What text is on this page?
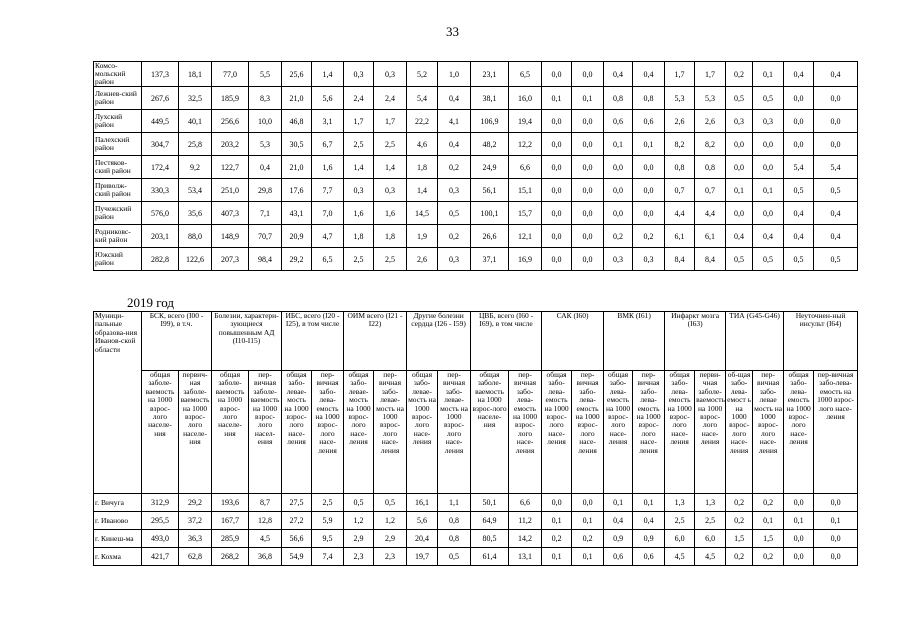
33
Комсо-мольский район	137,3	18,1	77,0	5,5	25,6	1,4	0,3	0,3	5,2	1,0	23,1	6,5	0,0	0,0	0,4	0,4	1,7	1,7	0,2	0,1	0,4	0,4
Лежнев-ский район	267,6	32,5	185,9	8,3	21,0	5,6	2,4	2,4	5,4	0,4	38,1	16,0	0,1	0,1	0,8	0,8	5,3	5,3	0,5	0,5	0,0	0,0
Лухский район	449,5	40,1	256,6	10,0	46,8	3,1	1,7	1,7	22,2	4,1	106,9	19,4	0,0	0,0	0,6	0,6	2,6	2,6	0,3	0,3	0,0	0,0
Палехский район	304,7	25,8	203,2	5,3	30,5	6,7	2,5	2,5	4,6	0,4	48,2	12,2	0,0	0,0	0,1	0,1	8,2	8,2	0,0	0,0	0,0	0,0
Пестяков-ский район	172,4	9,2	122,7	0,4	21,0	1,6	1,4	1,4	1,8	0,2	24,9	6,6	0,0	0,0	0,0	0,0	0,8	0,8	0,0	0,0	5,4	5,4
Приволж-ский район	330,3	53,4	251,0	29,8	17,6	7,7	0,3	0,3	1,4	0,3	56,1	15,1	0,0	0,0	0,0	0,0	0,7	0,7	0,1	0,1	0,5	0,5
Пучежский район	576,0	35,6	407,3	7,1	43,1	7,0	1,6	1,6	14,5	0,5	100,1	15,7	0,0	0,0	0,0	0,0	4,4	4,4	0,0	0,0	0,4	0,4
Родниковс-кий район	203,1	88,0	148,9	70,7	20,9	4,7	1,8	1,8	1,9	0,2	26,6	12,1	0,0	0,0	0,2	0,2	6,1	6,1	0,4	0,4	0,4	0,4
Южский район	282,8	122,6	207,3	98,4	29,2	6,5	2,5	2,5	2,6	0,3	37,1	16,9	0,0	0,0	0,3	0,3	8,4	8,4	0,5	0,5	0,5	0,5
2019 год
Муници-пальные образова-ния Иванов-ской области	БСК, всего (I00 - I99), в т.ч.		Болезни, характери-зующиеся повышенным АД (I10-I15)		ИБС, всего (I20 - I25), в том числе		ОИМ всего (I21 - I22)		Другие болезни сердца (I26 - I59)		ЦВБ, всего (I60 - I69), в том числе		САК (I60)		ВМК (I61)		Инфаркт мозга (I63)		ТИА (G45-G46)		Неуточнен-ный инсульт (I64)	
	общая заболе-ваемость на 1000 взрос-лого населе-ния	первич-ная заболе-ваемость на 1000 взрос-лого населе-ния	общая заболе-ваемость на 1000 взрос-лого населе-ния	пер-вичная заболе-ваемость на 1000 взрос-лого насел-ения	общая забо-левае-мость на 1000 взрос-лого насе-ления	пер-вичная забо-лева-емость на 1000 взрос-лого насе-ления	общая забо-левае-мость на 1000 взрос-лого насе-ления	пер-вичная забо-левае-мость на 1000 взрос-лого насе-ления	общая забо-левае-мость на 1000 взрос-лого насе-ления	пер-вичная забо-левае-мость на 1000 взрос-лого насе-ления	общая заболе-ваемость на 1000 взрос-лого населе-ния	пер-вичная забо-лева-емость на 1000 взрос-лого насе-ления	общая забо-лева-емость на 1000 взрос-лого насе-ления	пер-вичная забо-лева-емость на 1000 взрос-лого насе-ления	общая забо-лева-емость на 1000 взрос-лого насе-ления	пер-вичная забо-лева-емость на 1000 взрос-лого насе-ления	общая забо-лева-емость на 1000 взрос-лого насе-ления	перви-чная заболе-ваемость на 1000 взрос-лого насе-ления	об-щая забо-лева-емост ь на 1000 взрос-лого насе-ления	пер-вичная забо-левае мость на 1000 взрос-лого насе-ления	общая забо-лева-емость на 1000 взрос-лого насе-ления	пер-вичная забо-лева-емость на 1000 взрос-лого насе-ления
г. Вичуга	312,9	29,2	193,6	8,7	27,5	2,5	0,5	0,5	16,1	1,1	50,1	6,6	0,0	0,0	0,1	0,1	1,3	1,3	0,2	0,2	0,0	0,0
г. Иваново	295,5	37,2	167,7	12,8	27,2	5,9	1,2	1,2	5,6	0,8	64,9	11,2	0,1	0,1	0,4	0,4	2,5	2,5	0,2	0,1	0,1	0,1
г. Кинеш-ма	493,0	36,3	285,9	4,5	56,6	9,5	2,9	2,9	20,4	0,8	80,5	14,2	0,2	0,2	0,9	0,9	6,0	6,0	1,5	1,5	0,0	0,0
г. Кохма	421,7	62,8	268,2	36,8	54,9	7,4	2,3	2,3	19,7	0,5	61,4	13,1	0,1	0,1	0,6	0,6	4,5	4,5	0,2	0,2	0,0	0,0
